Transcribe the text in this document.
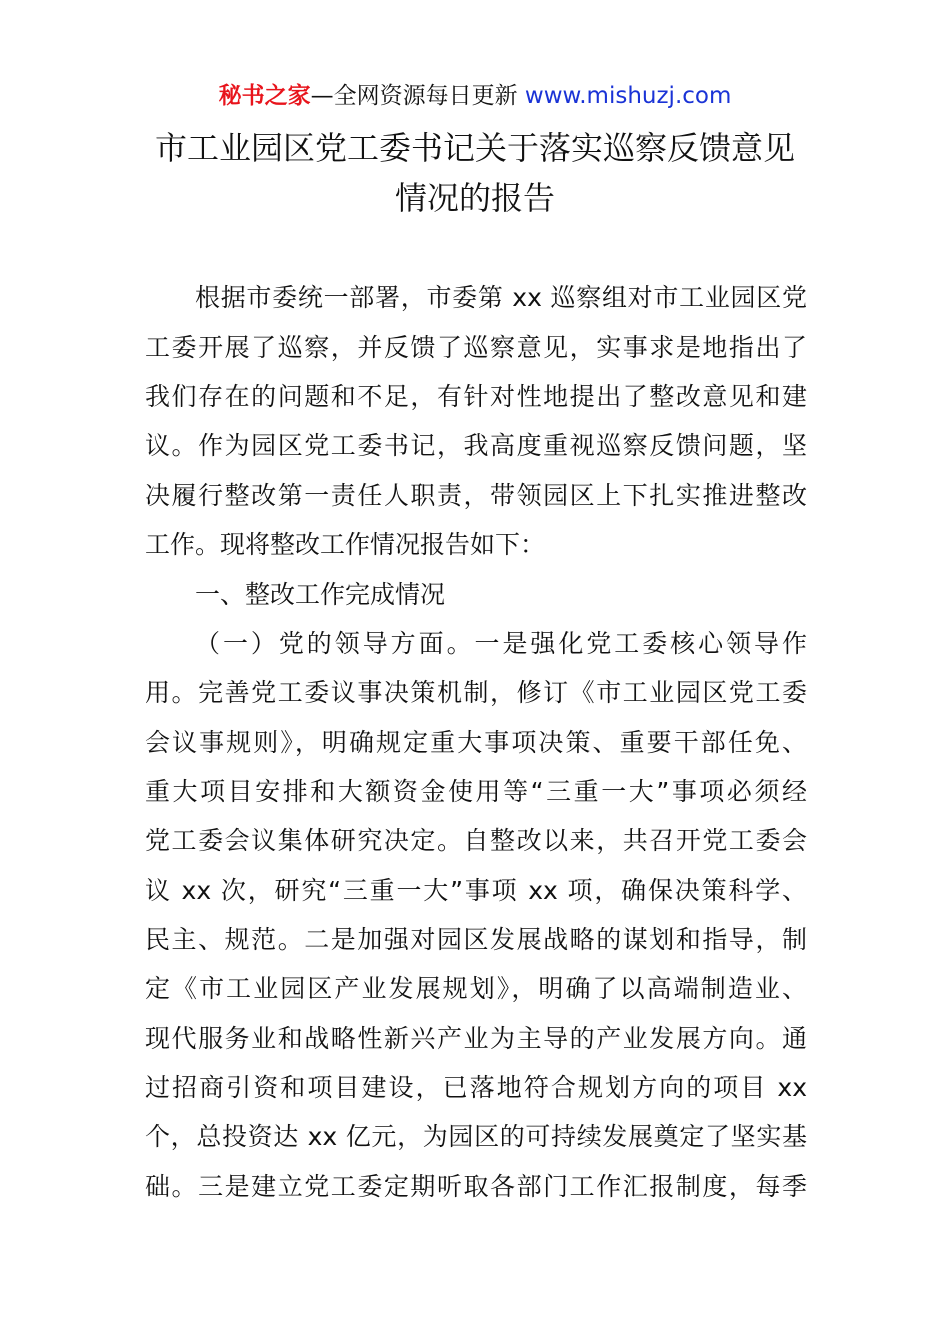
秘书之家—全网资源每日更新 www.mishuzj.com
市工业园区党工委书记关于落实巡察反馈意见
情况的报告
根据市委统一部署，市委第 xx 巡察组对市工业园区党
工委开展了巡察，并反馈了巡察意见，实事求是地指出了
我们存在的问题和不足，有针对性地提出了整改意见和建
议。作为园区党工委书记，我高度重视巡察反馈问题，坚
决履行整改第一责任人职责，带领园区上下扎实推进整改
工作。现将整改工作情况报告如下：
一、整改工作完成情况
（一）党的领导方面。一是强化党工委核心领导作
用。完善党工委议事决策机制，修订《市工业园区党工委
会议事规则》，明确规定重大事项决策、重要干部任免、
重大项目安排和大额资金使用等“三重一大”事项必须经
党工委会议集体研究决定。自整改以来，共召开党工委会
议 xx 次，研究“三重一大”事项 xx 项，确保决策科学、
民主、规范。二是加强对园区发展战略的谋划和指导，制
定《市工业园区产业发展规划》，明确了以高端制造业、
现代服务业和战略性新兴产业为主导的产业发展方向。通
过招商引资和项目建设，已落地符合规划方向的项目 xx
个，总投资达 xx 亿元，为园区的可持续发展奠定了坚实基
础。三是建立党工委定期听取各部门工作汇报制度，每季
